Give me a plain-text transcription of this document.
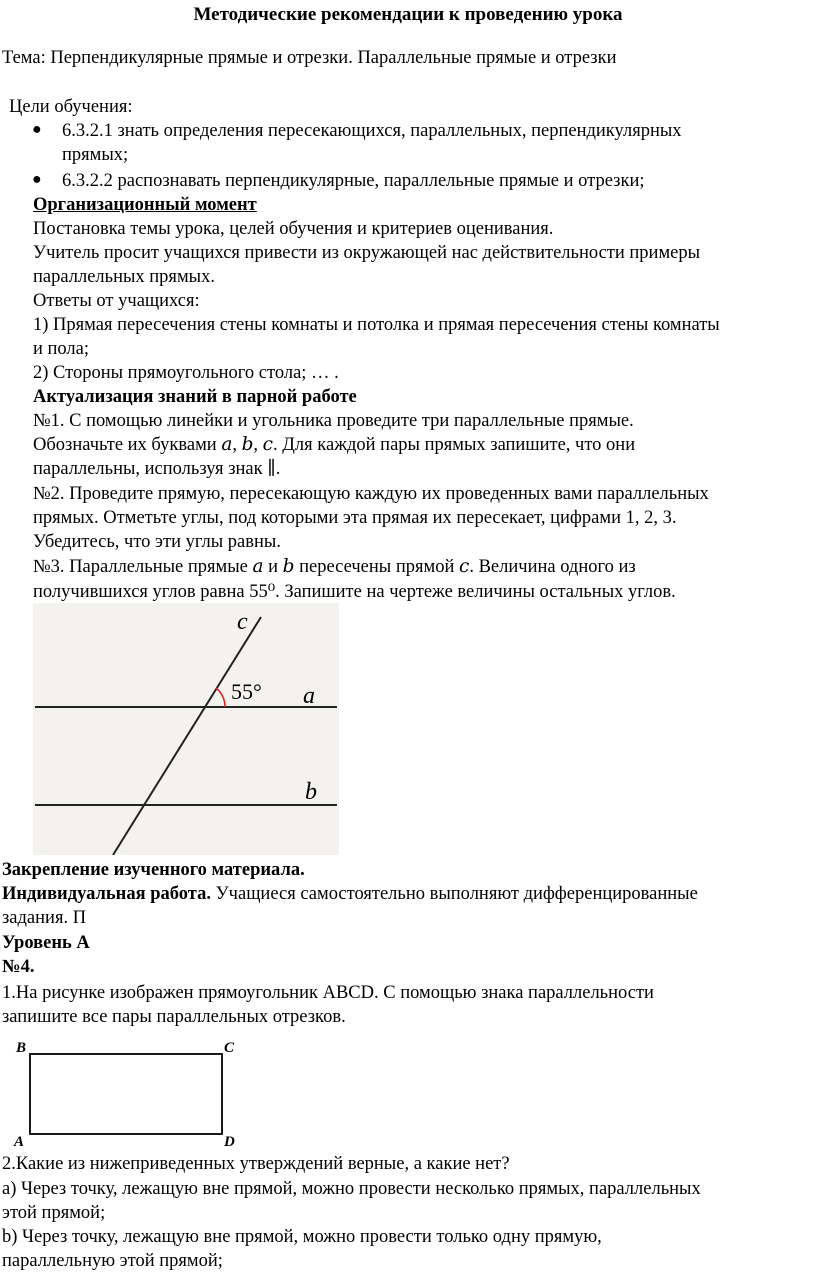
Методические рекомендации к проведению урока
Тема: Перпендикулярные прямые и отрезки. Параллельные прямые и отрезки
Цели обучения:
● 6.3.2.1 знать определения пересекающихся, параллельных, перпендикулярных
прямых;
● 6.3.2.2 распознавать перпендикулярные, параллельные прямые и отрезки;
Организационный момент
Постановка темы урока, целей обучения и критериев оценивания.
Учитель просит учащихся привести из окружающей нас действительности примеры
параллельных прямых.
Ответы от учащихся:
1) Прямая пересечения стены комнаты и потолка и прямая пересечения стены комнаты
и пола;
2) Стороны прямоугольного стола; … .
Актуализация знаний в парной работе
№1. С помощью линейки и угольника проведите три параллельные прямые.
Обозначьте их буквами 𝑎, 𝑏, 𝑐. Для каждой пары прямых запишите, что они
параллельны, используя знак ∥.
№2. Проведите прямую, пересекающую каждую их проведенных вами параллельных
прямых. Отметьте углы, под которыми эта прямая их пересекает, цифрами 1, 2, 3.
Убедитесь, что эти углы равны.
№3. Параллельные прямые 𝑎 и 𝑏 пересечены прямой 𝑐. Величина одного из
получившихся углов равна 55⁰. Запишите на чертеже величины остальных углов.
c
55° a
b
Закрепление изученного материала.
Индивидуальная работа. Учащиеся самостоятельно выполняют дифференцированные
задания. П
Уровень А
№4.
1.На рисунке изображен прямоугольник ABCD. С помощью знака параллельности
запишите все пары параллельных отрезков.
B	C
A	D
2.Какие из нижеприведенных утверждений верные, а какие нет?
а) Через точку, лежащую вне прямой, можно провести несколько прямых, параллельных
этой прямой;
b) Через точку, лежащую вне прямой, можно провести только одну прямую,
параллельную этой прямой;
